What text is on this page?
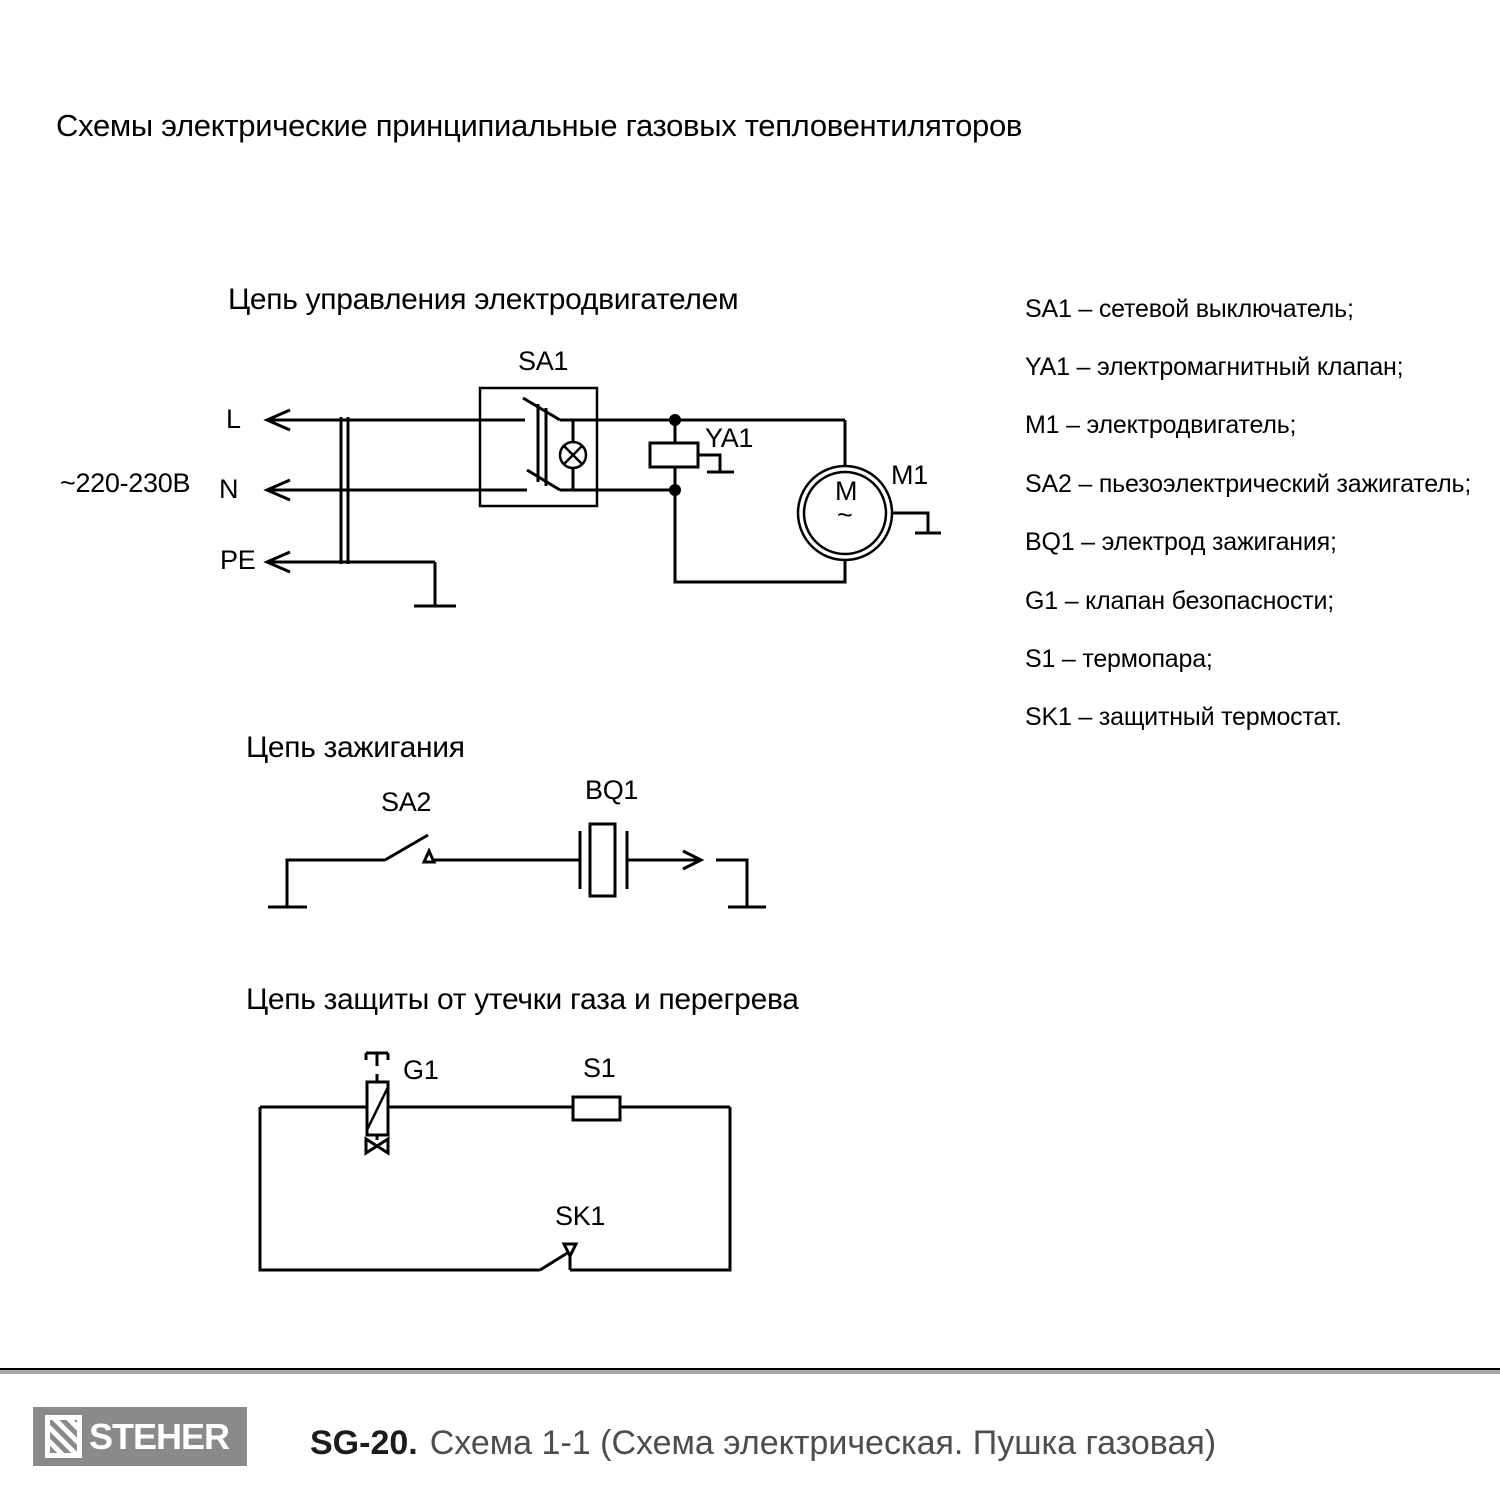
Схемы электрические принципиальные газовых тепловентиляторов
Цепь управления электродвигателем
Цепь зажигания
Цепь защиты от утечки газа и перегрева
~220-230В
L
N
PE
SA1
YA1
M1
M
~
SA2	BQ1
G1	S1
SK1
SA1 – сетевой выключатель;
YA1 – электромагнитный клапан;
M1 – электродвигатель;
SA2 – пьезоэлектрический зажигатель;
BQ1 – электрод зажигания;
G1 – клапан безопасности;
S1 – термопара;
SK1 – защитный термостат.
STEHER SG-20. Схема 1-1 (Схема электрическая. Пушка газовая)
